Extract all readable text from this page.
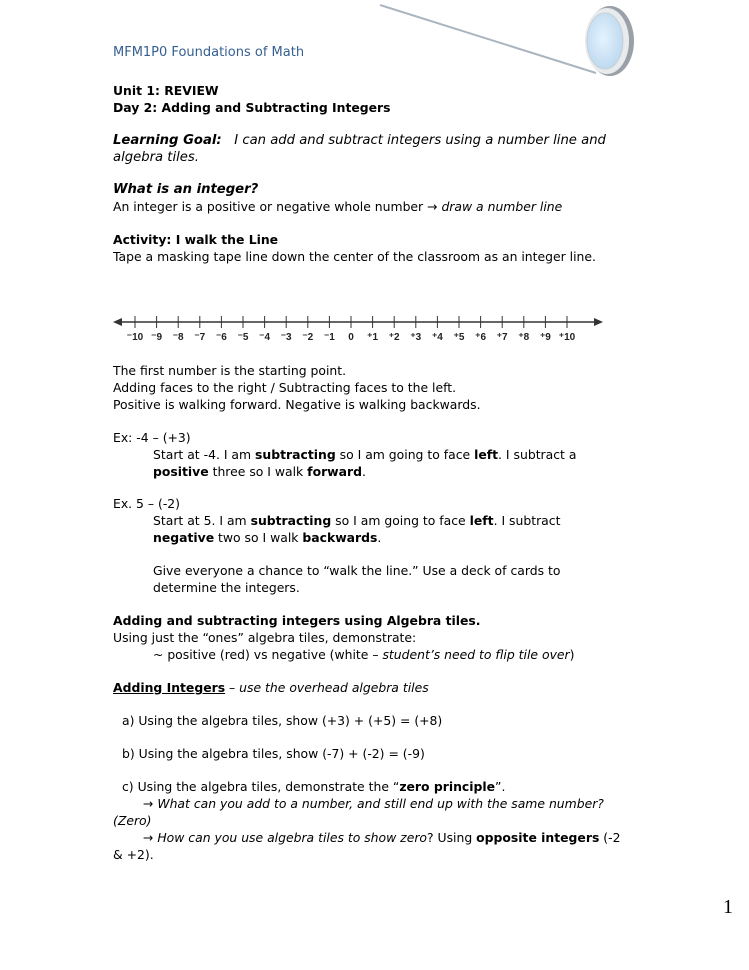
MFM1P0 Foundations of Math
Unit 1: REVIEW
Day 2: Adding and Subtracting Integers
Learning Goal: I can add and subtract integers using a number line and
algebra tiles.
What is an integer?
An integer is a positive or negative whole number → draw a number line
Activity: I walk the Line
Tape a masking tape line down the center of the classroom as an integer line.
⁻10 ⁻9 ⁻8 ⁻7 ⁻6 ⁻5 ⁻4 ⁻3 ⁻2 ⁻1 0 ⁺1 ⁺2 ⁺3 ⁺4 ⁺5 ⁺6 ⁺7 ⁺8 ⁺9 ⁺10
The first number is the starting point.
Adding faces to the right / Subtracting faces to the left.
Positive is walking forward. Negative is walking backwards.
Ex: -4 – (+3)
Start at -4. I am subtracting so I am going to face left. I subtract a
positive three so I walk forward.
Ex. 5 – (-2)
Start at 5. I am subtracting so I am going to face left. I subtract
negative two so I walk backwards.
Give everyone a chance to “walk the line.” Use a deck of cards to
determine the integers.
Adding and subtracting integers using Algebra tiles.
Using just the “ones” algebra tiles, demonstrate:
~ positive (red) vs negative (white – student’s need to flip tile over)
Adding Integers – use the overhead algebra tiles
a) Using the algebra tiles, show (+3) + (+5) = (+8)
b) Using the algebra tiles, show (-7) + (-2) = (-9)
c) Using the algebra tiles, demonstrate the “zero principle”.
→ What can you add to a number, and still end up with the same number?
(Zero)
→ How can you use algebra tiles to show zero? Using opposite integers (-2
& +2).
1
